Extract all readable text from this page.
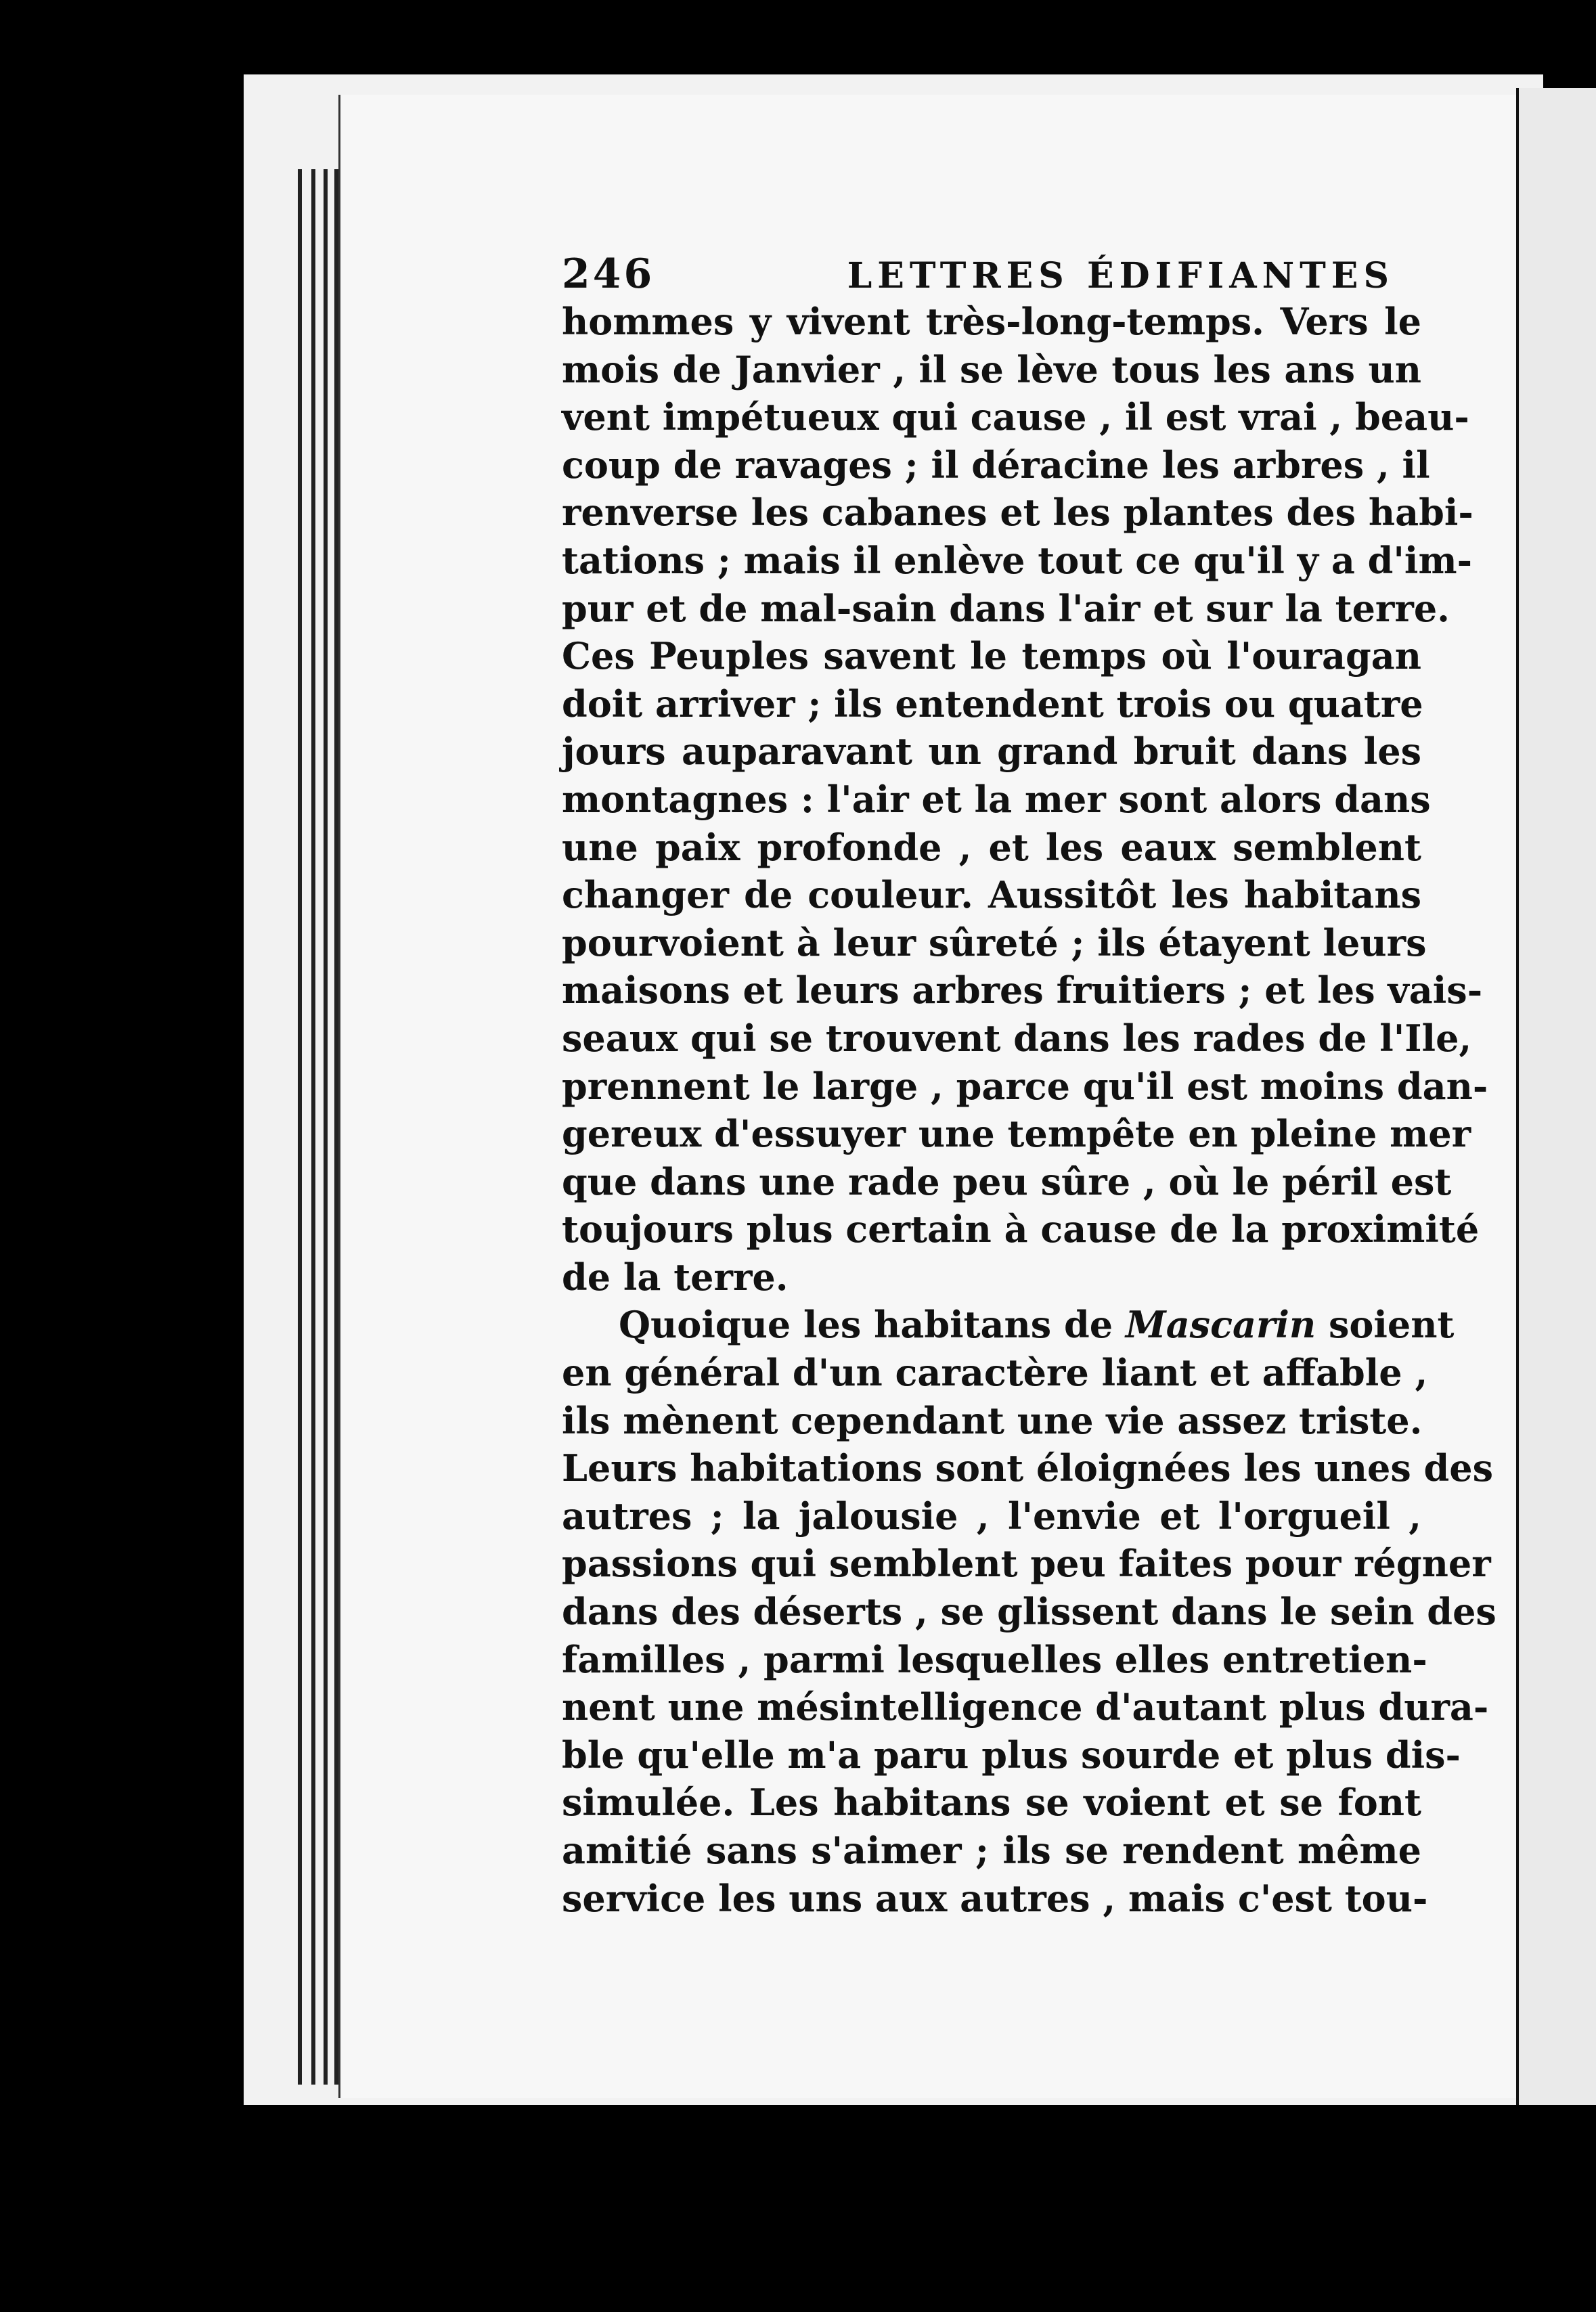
246	LETTRES ÉDIFIANTES
hommes y vivent très-long-temps. Vers le
mois de Janvier , il se lève tous les ans un
vent impétueux qui cause , il est vrai , beau-
coup de ravages ; il déracine les arbres , il
renverse les cabanes et les plantes des habi-
tations ; mais il enlève tout ce qu'il y a d'im-
pur et de mal-sain dans l'air et sur la terre.
Ces Peuples savent le temps où l'ouragan
doit arriver ; ils entendent trois ou quatre
jours auparavant un grand bruit dans les
montagnes : l'air et la mer sont alors dans
une paix profonde , et les eaux semblent
changer de couleur. Aussitôt les habitans
pourvoient à leur sûreté ; ils étayent leurs
maisons et leurs arbres fruitiers ; et les vais-
seaux qui se trouvent dans les rades de l'Ile,
prennent le large , parce qu'il est moins dan-
gereux d'essuyer une tempête en pleine mer
que dans une rade peu sûre , où le péril est
toujours plus certain à cause de la proximité
de la terre.
Quoique les habitans de Mascarin soient
en général d'un caractère liant et affable ,
ils mènent cependant une vie assez triste.
Leurs habitations sont éloignées les unes des
autres ; la jalousie , l'envie et l'orgueil ,
passions qui semblent peu faites pour régner
dans des déserts , se glissent dans le sein des
familles , parmi lesquelles elles entretien-
nent une mésintelligence d'autant plus dura-
ble qu'elle m'a paru plus sourde et plus dis-
simulée. Les habitans se voient et se font
amitié sans s'aimer ; ils se rendent même
service les uns aux autres , mais c'est tou-
